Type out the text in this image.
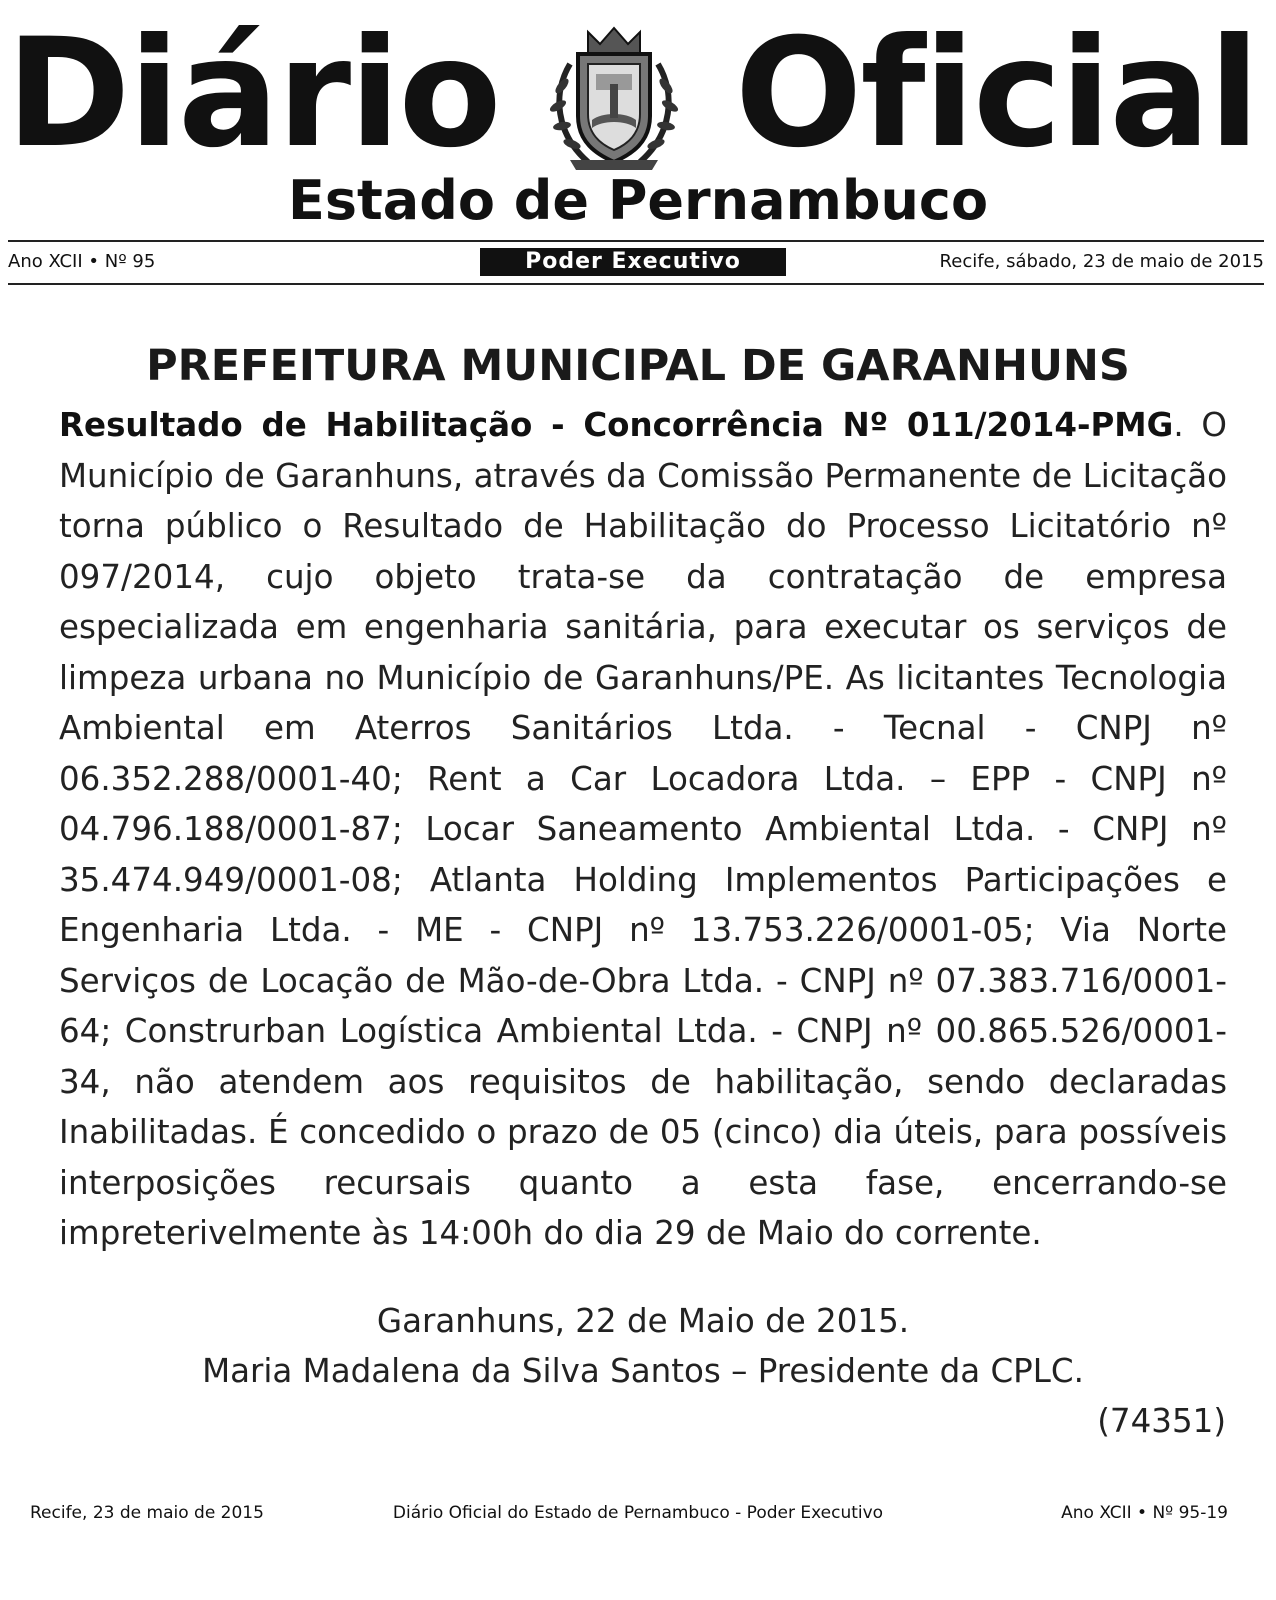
Diário Oficial
Estado de Pernambuco
Ano XCII • Nº 95	Poder Executivo	Recife, sábado, 23 de maio de 2015
PREFEITURA MUNICIPAL DE GARANHUNS
Resultado de Habilitação - Concorrência Nº 011/2014-PMG. O Município de Garanhuns, através da Comissão Permanente de Licitação torna público o Resultado de Habilitação do Processo Licitatório nº 097/2014, cujo objeto trata-se da contratação de empresa especializada em engenharia sanitária, para executar os serviços de limpeza urbana no Município de Garanhuns/PE. As licitantes Tecnologia Ambiental em Aterros Sanitários Ltda. - Tecnal - CNPJ nº 06.352.288/0001-40; Rent a Car Locadora Ltda. – EPP - CNPJ nº 04.796.188/0001-87; Locar Saneamento Ambiental Ltda. - CNPJ nº 35.474.949/0001-08; Atlanta Holding Implementos Participações e Engenharia Ltda. - ME - CNPJ nº 13.753.226/0001-05; Via Norte Serviços de Locação de Mão-de-Obra Ltda. - CNPJ nº 07.383.716/0001-64; Construrban Logística Ambiental Ltda. - CNPJ nº 00.865.526/0001-34, não atendem aos requisitos de habilitação, sendo declaradas Inabilitadas. É concedido o prazo de 05 (cinco) dia úteis, para possíveis interposições recursais quanto a esta fase, encerrando-se impreterivelmente às 14:00h do dia 29 de Maio do corrente.
Garanhuns, 22 de Maio de 2015.
Maria Madalena da Silva Santos – Presidente da CPLC.
(74351)
Recife, 23 de maio de 2015	Diário Oficial do Estado de Pernambuco - Poder Executivo	Ano XCII • Nº 95-19
